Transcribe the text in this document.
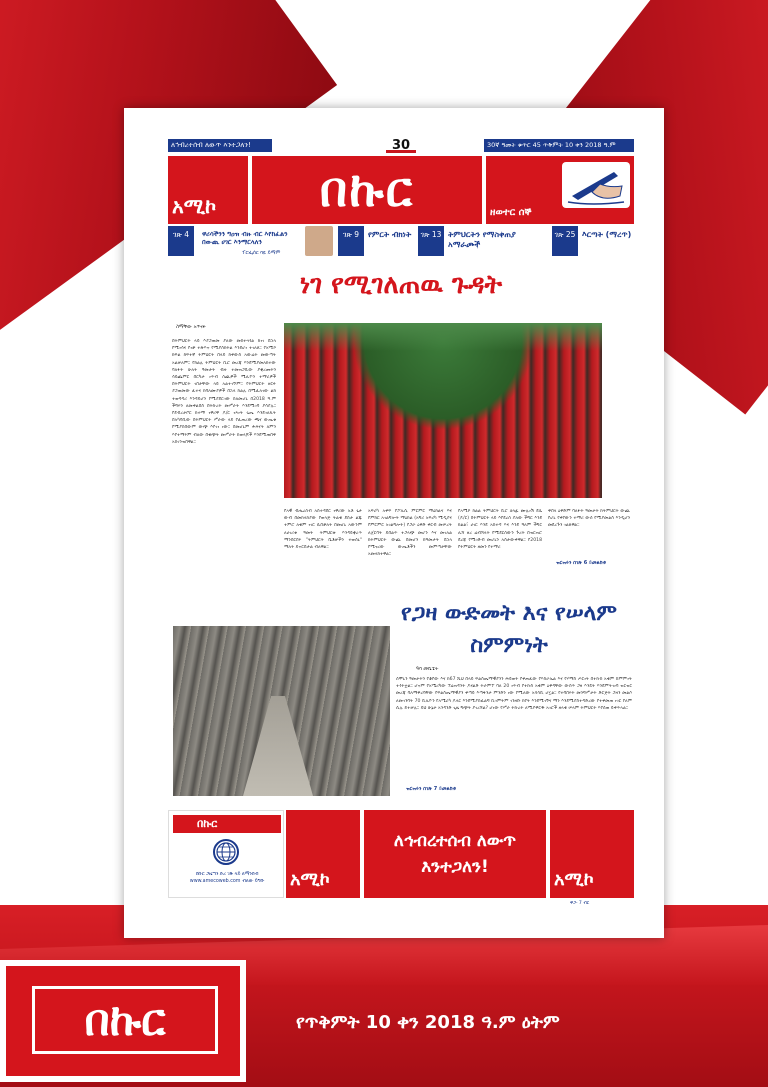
ለኅብረተሰብ ለውጥ እንተጋለን!	30	30ኛ ዓመት ቁጥር 45 ጥቅምት 10 ቀን 2018 ዓ.ም
አሚኮ በኩር	ዘወተር ሰኞ
ገጽ 4	ዋሪሳችንን ግዐዝ ብዙ ብር እየከፈልን በውጪ ሀገር እንማርላለን
ፕሮፌሰር ባዬ ይማም
ገጽ 9	የምርት ብክነት	ገጽ 13 ትምህርትን የማስቀጠያ አማራጮች
ገጽ 25 እርጣት (ማረጥ)
ነገ የሚገለጠዉ ጉዳት
ስማቸው አጥናፉ
በትምህርት ላይ እያጋጠመ ያለው መስተጓጎል ከነገ በኋላ የሚነሳና የነቃ ተጽእኖ የሚያስከትል እንደሆነ ተገለጸ። የአሚኮ ከፍል ከፍተኛ ትምህርት በላይ ከቀውስ አውሬት መውጣት አልቻለም። የክልሉ ትምህርት ቢሮ መረጃ እንደሚያመለክተው ባለፉት ሁለት ዓመታት ብዙ ተመዝጋቢው ያቋረጡትን ሳይጨምር በርካታ ነጥብ ሰጪዎች ሚሊዮን ተማሪዎች በትምህርት ገበታቸው ላይ አልተገኙም። የትምህርት ዘርፉ ያጋጠመው ፈተና ከባለሙያዎች በኋላ ከልሉ በሚፈለገው ልክ ተወዳዳሪ እንዳይሆን የሚያደርገው ስለመሆኑ በ2018 ዓ.ም ችግሩን ለመቀልበስ በትኩረት መሥራት እንደሚገባ ያሳያሉ። የደብረታቦር ከተማ ነዋሪዋ ዶ/ር ነጻነት ጌጤ እንደገለጹት በአካባቢው በትምህርት ሥራው ላይ የፈጠረው ጫና ውጤቱ የሚያስበውም ውጭ እየገነ ነው። በመሆኑም ሕጻናት ለምን እየተማሩም ብለው በቁጭት መሥራት ከወላጆች እንደሚጠበቅ አስገንዝበዋል።
የአዊ ብሔረሰብ አስተዳደር ነዋሪው አቶ ጌታ ውብ በመከላከያው የወላጅ ትልቁ ደስታ ልጁ ተምሮ ለቁም ነገር ሲበቃለት በመሆኑ አውንም ለሀገሪቱ ዓመት ትምህርቱ እንዳይቋረጥ ማንበርበሩ "ትምህርት ቤቶቻችን ተወሰኑ" ማለት ይኖርበታል ብለዋል።
አፍሪካ አቀፍ የፖሊሲ ምርምር ማዕከልና እና የምክር አገልግሎት ማዕከል (አግሪ አፍሪካ ሚዲያና የምርምር አገልግሎት) የጋራ ዕቅድ ቀርብ መሠረት ለጀርባት ይበልጥ ተጋላጭ መሆን እና መገለል ከትምህርት ውጪ በመሆን ከዓመታት በኋላ የሚኖረው ውጤቶችን መምጣታቸው አመላክተዋል።
የአሚኮ ከልል ትምህርት ቢሮ ኃላፊ ሙሉነሽ ደሴ (ዶ/ር) በትምህርት ላይ እየደረሰ ያለው ችግር እንደ ክልል፣ ሀገር እንደ አስተዳ እና እንደ ዓለም ችግር ሊሻ ዘረ ሬብሻላት የሚደርሰውን ጉረት በዝርዝሮ ደረጃ የሚገድብ መሆኑን አስታውቀዋል። የ2018 የትምህርት ዘመን የተማሪ
ቅበላ ዕቅድም ባለፉት ዓመታት ከትምህርት ውጪ የሆኑ የቀየውን ተማሪ ውሰ የሚያመልስ እንዲሆን መደረጉን ገልጸዋል።
ዝርዝሩን በገጽ 6 ይመልከቱ
የጋዛ ውድመት እና የሠላም ስምምነት
ዓባ መቤቴት
ሰሞኑን ዓመታትን የቆየው እና ከ67 ሺህ በላይ ፍልስጤማዊያንን ሕይወት የቀጠፈው የእስራኤል እና የሃማስ ጦርነት በተኩስ አቁም ስምምነት ተጎትቷል። ሆኖም የአሜሪካው ፕሬዝዳንት ዶናልድ ትራምፕ ባለ 20 ነጥብ የተኩስ አቁም ዕቅዳቸው ውስጥ ጋዛ እንዴት እንደምትገነባ ዝርዝር መረጃ ባለማቅረባቸው የፍልስጤማዊያን ቀጣይ እጣፋንታ ምንድን ነው የሚለው አሳሳቢ ሆኗል። የተባበሩት መንግሥታት ድርጅት ጋዛን መልሶ ለመገንባት 70 ቢሊዮን የአሜሪካ ዶላር እንደሚያስፈልግ ቢገምትም ገንዘቡ ከየት እንደሚገኝና ማን እንደሚያስተዳድረው የተቀመጠ ነገር የለም ሲሉ ይተቻሉ። ይህ ሁኔታ አንዳንድ ጊዜ ግጭት ያገረሻል? ሆነው የሥራ ትኩረት ለሚያዋርዱ አገሮች ዘላቂ ሠላም ትምህርት እየሰጠ ይቀጥላል።
ዝርዝሩን በገጽ 7 ይመልከቱ
በኩር
በኩር ጋዜጣን ድረ ገጽ ላይ ለማንበብ www.amecoweb.com ብለው ይግቡ	አሚኮ
ለኅብረተሰብ ለውጥ እንተጋለን!
አሚኮ
ዋጋ- 7 ብር
በኩር	የጥቅምት 10 ቀን 2018 ዓ.ም ዕትም
